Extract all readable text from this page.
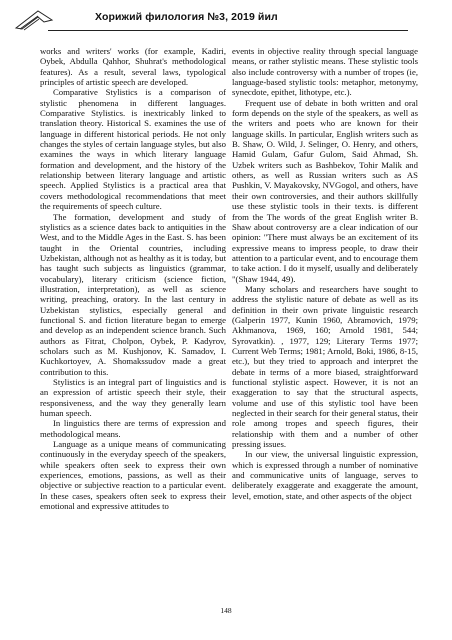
Хорижий филология №3, 2019 йил

works and writers' works (for example, Kadiri, Oybek, Abdulla Qahhor, Shuhrat's methodological features). As a result, several laws, typological principles of artistic speech are developed.

Comparative Stylistics is a comparison of stylistic phenomena in different languages. Comparative Stylistics. is inextricably linked to translation theory. Historical S. examines the use of language in different historical periods. He not only changes the styles of certain language styles, but also examines the ways in which literary language formation and development, and the history of the relationship between literary language and artistic speech. Applied Stylistics is a practical area that covers methodological recommendations that meet the requirements of speech culture.

The formation, development and study of stylistics as a science dates back to antiquities in the West, and to the Middle Ages in the East. S. has been taught in the Oriental countries, including Uzbekistan, although not as healthy as it is today, but has taught such subjects as linguistics (grammar, vocabulary), literary criticism (science fiction, illustration, interpretation), as well as science writing, preaching, oratory. In the last century in Uzbekistan stylistics, especially general and functional S. and fiction literature began to emerge and develop as an independent science branch. Such authors as Fitrat, Cholpon, Oybek, P. Kadyrov, scholars such as M. Kushjonov, K. Samadov, I. Kuchkortoyev, A. Shomakssudov made a great contribution to this.

Stylistics is an integral part of linguistics and is an expression of artistic speech their style, their responsiveness, and the way they generally learn human speech.

In linguistics there are terms of expression and methodological means.

Language as a unique means of communicating continuously in the everyday speech of the speakers, while speakers often seek to express their own experiences, emotions, passions, as well as their objective or subjective reaction to a particular event. In these cases, speakers often seek to express their emotional and expressive attitudes to

events in objective reality through special language means, or rather stylistic means. These stylistic tools also include controversy with a number of tropes (ie, language-based stylistic tools: metaphor, metonymy, synecdote, epithet, lithotype, etc.).

Frequent use of debate in both written and oral form depends on the style of the speakers, as well as the writers and poets who are known for their language skills. In particular, English writers such as B. Shaw, O. Wild, J. Selinger, O. Henry, and others, Hamid Gulam, Gafur Gulom, Said Ahmad, Sh. Uzbek writers such as Bashbekov, Tohir Malik and others, as well as Russian writers such as AS Pushkin, V. Mayakovsky, NVGogol, and others, have their own controversies, and their authors skillfully use these stylistic tools in their texts. is different from the The words of the great English writer B. Shaw about controversy are a clear indication of our opinion: "There must always be an excitement of its expressive means to impress people, to draw their attention to a particular event, and to encourage them to take action. I do it myself, usually and deliberately "(Shaw 1944, 49).

Many scholars and researchers have sought to address the stylistic nature of debate as well as its definition in their own private linguistic research (Galperin 1977, Kunin 1960, Abramovich, 1979; Akhmanova, 1969, 160; Arnold 1981, 544; Syrovatkin). , 1977, 129; Literary Terms 1977; Current Web Terms; 1981; Arnold, Boki, 1986, 8-15, etc.), but they tried to approach and interpret the debate in terms of a more biased, straightforward functional stylistic aspect. However, it is not an exaggeration to say that the structural aspects, volume and use of this stylistic tool have been neglected in their search for their general status, their role among tropes and speech figures, their relationship with them and a number of other pressing issues.

In our view, the universal linguistic expression, which is expressed through a number of nominative and communicative units of language, serves to deliberately exaggerate and exaggerate the amount, level, emotion, state, and other aspects of the object

148
